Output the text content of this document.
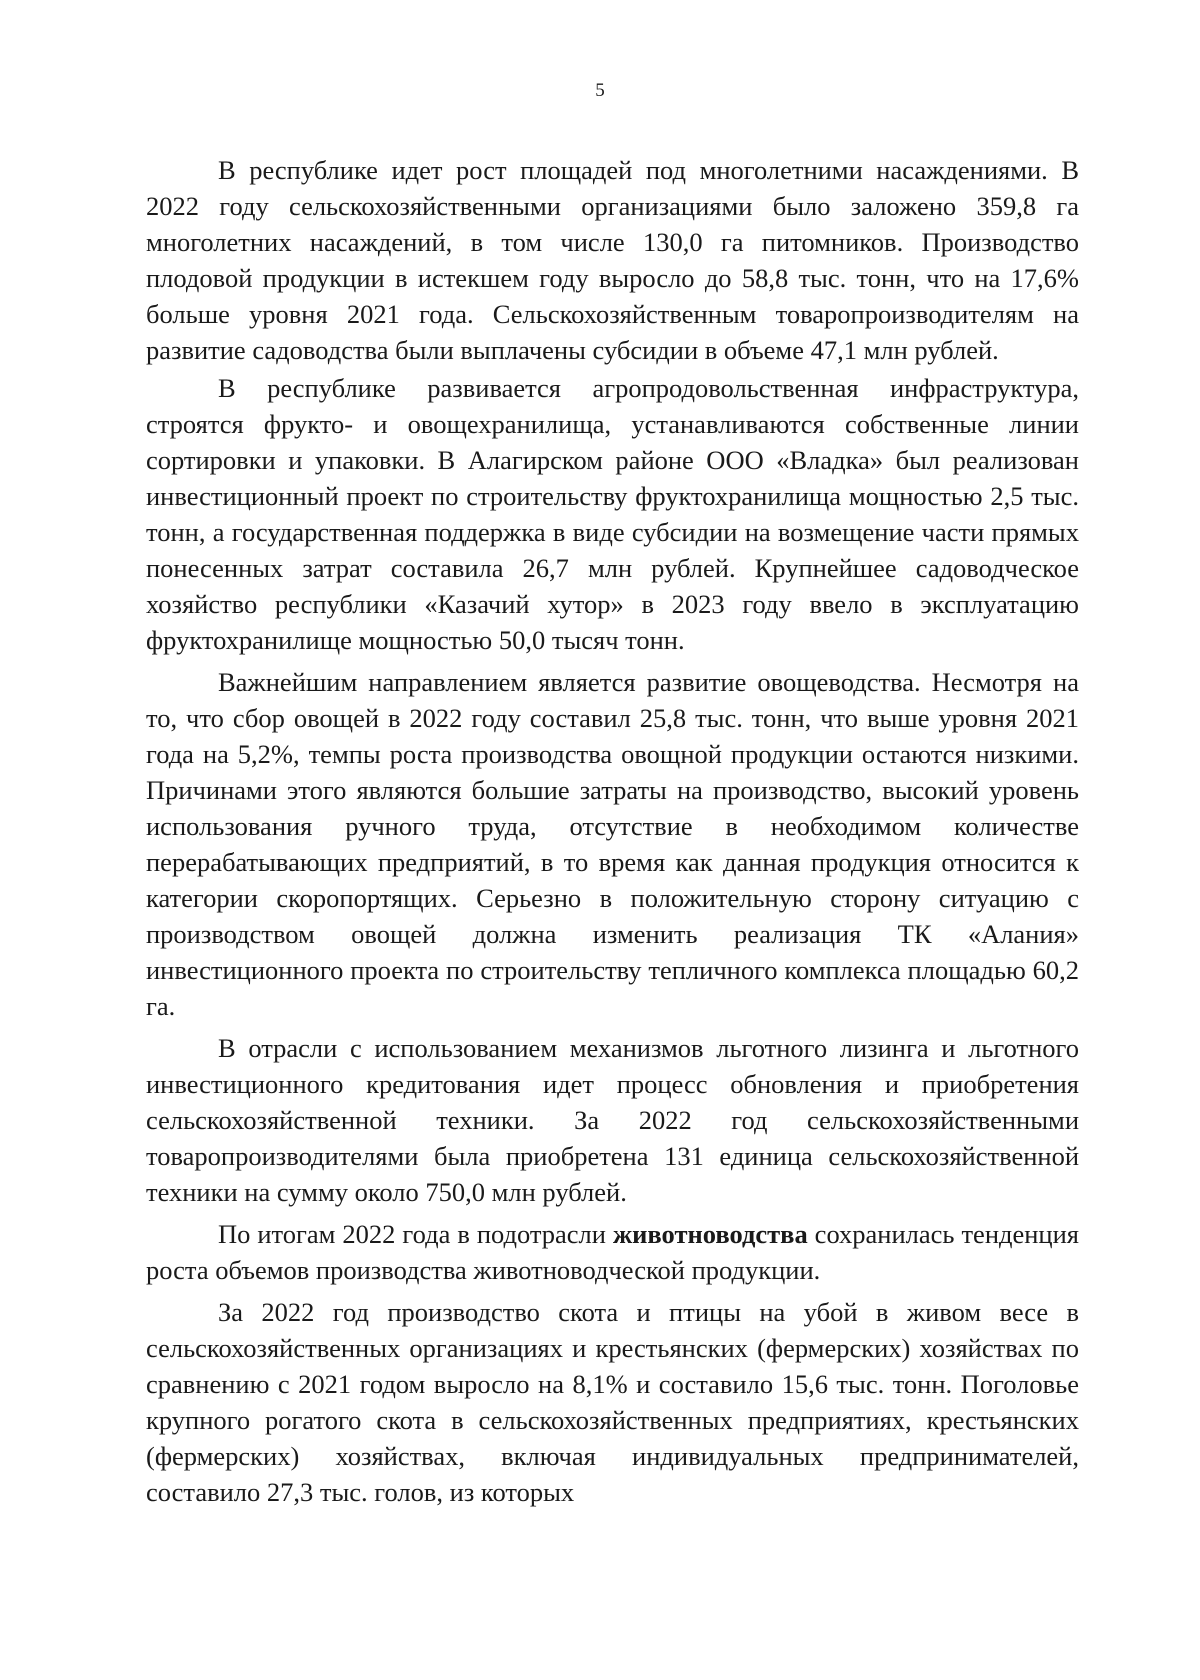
5

В республике идет рост площадей под многолетними насаждениями. В 2022 году сельскохозяйственными организациями было заложено 359,8 га многолетних насаждений, в том числе 130,0 га питомников. Производство плодовой продукции в истекшем году выросло до 58,8 тыс. тонн, что на 17,6% больше уровня 2021 года. Сельскохозяйственным товаропроизводителям на развитие садоводства были выплачены субсидии в объеме 47,1 млн рублей.

В республике развивается агропродовольственная инфраструктура, строятся фрукто- и овощехранилища, устанавливаются собственные линии сортировки и упаковки. В Алагирском районе ООО «Владка» был реализован инвестиционный проект по строительству фруктохранилища мощностью 2,5 тыс. тонн, а государственная поддержка в виде субсидии на возмещение части прямых понесенных затрат составила 26,7 млн рублей. Крупнейшее садоводческое хозяйство республики «Казачий хутор» в 2023 году ввело в эксплуатацию фруктохранилище мощностью 50,0 тысяч тонн.

Важнейшим направлением является развитие овощеводства. Несмотря на то, что сбор овощей в 2022 году составил 25,8 тыс. тонн, что выше уровня 2021 года на 5,2%, темпы роста производства овощной продукции остаются низкими. Причинами этого являются большие затраты на производство, высокий уровень использования ручного труда, отсутствие в необходимом количестве перерабатывающих предприятий, в то время как данная продукция относится к категории скоропортящих. Серьезно в положительную сторону ситуацию с производством овощей должна изменить реализация ТК «Алания» инвестиционного проекта по строительству тепличного комплекса площадью 60,2 га.

В отрасли с использованием механизмов льготного лизинга и льготного инвестиционного кредитования идет процесс обновления и приобретения сельскохозяйственной техники. За 2022 год сельскохозяйственными товаропроизводителями была приобретена 131 единица сельскохозяйственной техники на сумму около 750,0 млн рублей.

По итогам 2022 года в подотрасли животноводства сохранилась тенденция роста объемов производства животноводческой продукции.

За 2022 год производство скота и птицы на убой в живом весе в сельскохозяйственных организациях и крестьянских (фермерских) хозяйствах по сравнению с 2021 годом выросло на 8,1% и составило 15,6 тыс. тонн. Поголовье крупного рогатого скота в сельскохозяйственных предприятиях, крестьянских (фермерских) хозяйствах, включая индивидуальных предпринимателей, составило 27,3 тыс. голов, из которых
